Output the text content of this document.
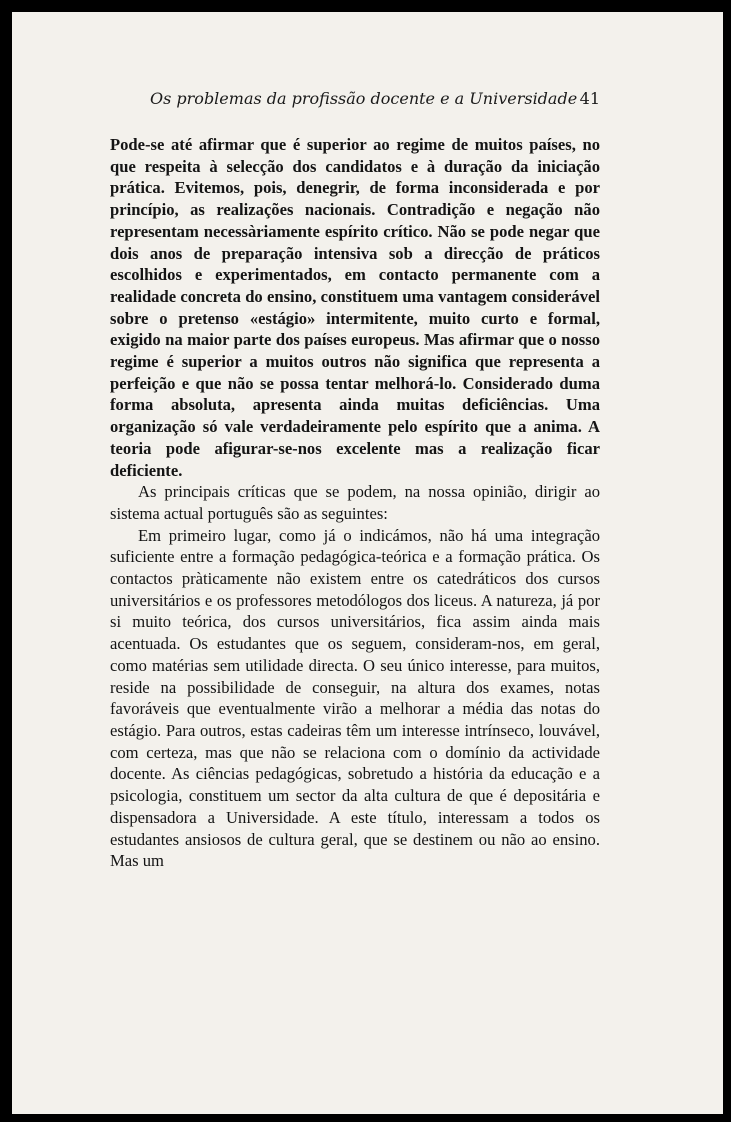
Os problemas da profissão docente e a Universidade 41

Pode-se até afirmar que é superior ao regime de muitos países, no que respeita à selecção dos candidatos e à duração da iniciação prática. Evitemos, pois, denegrir, de forma inconsiderada e por princípio, as realizações nacionais. Contradição e negação não representam necessàriamente espírito crítico. Não se pode negar que dois anos de preparação intensiva sob a direcção de práticos escolhidos e experimentados, em contacto permanente com a realidade concreta do ensino, constituem uma vantagem considerável sobre o pretenso «estágio» intermitente, muito curto e formal, exigido na maior parte dos países europeus. Mas afirmar que o nosso regime é superior a muitos outros não significa que representa a perfeição e que não se possa tentar melhorá-lo. Considerado duma forma absoluta, apresenta ainda muitas deficiências. Uma organização só vale verdadeiramente pelo espírito que a anima. A teoria pode afigurar-se-nos excelente mas a realização ficar deficiente.

As principais críticas que se podem, na nossa opinião, dirigir ao sistema actual português são as seguintes:

Em primeiro lugar, como já o indicámos, não há uma integração suficiente entre a formação pedagógica-teórica e a formação prática. Os contactos pràticamente não existem entre os catedráticos dos cursos universitários e os professores metodólogos dos liceus. A natureza, já por si muito teórica, dos cursos universitários, fica assim ainda mais acentuada. Os estudantes que os seguem, consideram-nos, em geral, como matérias sem utilidade directa. O seu único interesse, para muitos, reside na possibilidade de conseguir, na altura dos exames, notas favoráveis que eventualmente virão a melhorar a média das notas do estágio. Para outros, estas cadeiras têm um interesse intrínseco, louvável, com certeza, mas que não se relaciona com o domínio da actividade docente. As ciências pedagógicas, sobretudo a história da educação e a psicologia, constituem um sector da alta cultura de que é depositária e dispensadora a Universidade. A este título, interessam a todos os estudantes ansiosos de cultura geral, que se destinem ou não ao ensino. Mas um
